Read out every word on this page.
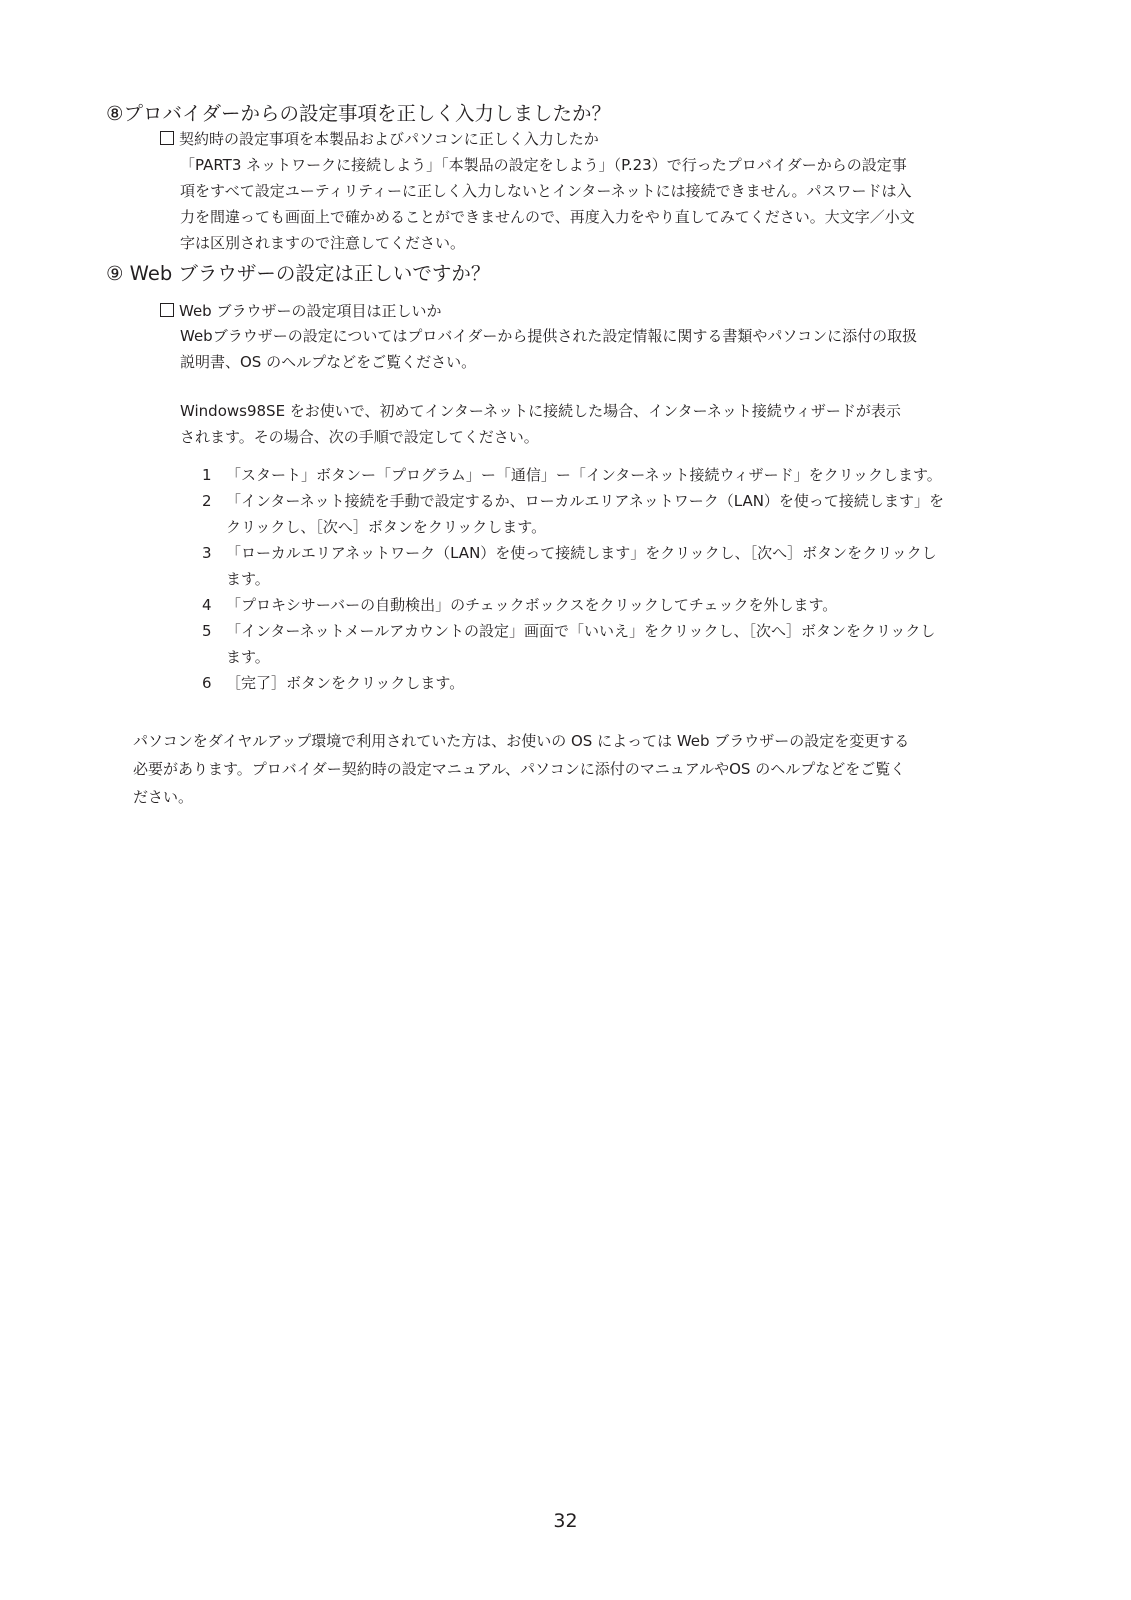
⑧プロバイダーからの設定事項を正しく入力しましたか？
契約時の設定事項を本製品およびパソコンに正しく入力したか
「PART3 ネットワークに接続しよう」「本製品の設定をしよう」（P.23）で行ったプロバイダーからの設定事
項をすべて設定ユーティリティーに正しく入力しないとインターネットには接続できません。パスワードは入
力を間違っても画面上で確かめることができませんので、再度入力をやり直してみてください。大文字／小文
字は区別されますので注意してください。
⑨ Web ブラウザーの設定は正しいですか？
Web ブラウザーの設定項目は正しいか
Webブラウザーの設定についてはプロバイダーから提供された設定情報に関する書類やパソコンに添付の取扱
説明書、OS のヘルプなどをご覧ください。
Windows98SE をお使いで、初めてインターネットに接続した場合、インターネット接続ウィザードが表示
されます。その場合、次の手順で設定してください。
1 「スタート」ボタンー「プログラム」ー「通信」ー「インターネット接続ウィザード」をクリックします。
2 「インターネット接続を手動で設定するか、ローカルエリアネットワーク（LAN）を使って接続します」を
クリックし、［次へ］ボタンをクリックします。
3 「ローカルエリアネットワーク（LAN）を使って接続します」をクリックし、［次へ］ボタンをクリックし
ます。
4 「プロキシサーバーの自動検出」のチェックボックスをクリックしてチェックを外します。
5 「インターネットメールアカウントの設定」画面で「いいえ」をクリックし、［次へ］ボタンをクリックし
ます。
6 ［完了］ボタンをクリックします。
パソコンをダイヤルアップ環境で利用されていた方は、お使いの OS によっては Web ブラウザーの設定を変更する
必要があります。プロバイダー契約時の設定マニュアル、パソコンに添付のマニュアルやOS のヘルプなどをご覧く
ださい。
32
